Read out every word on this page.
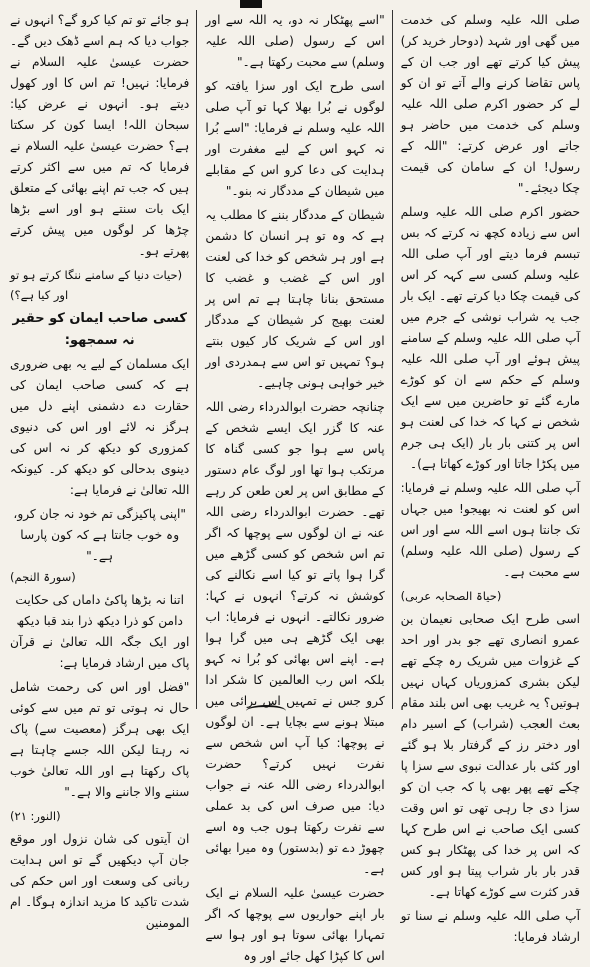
صلی اللہ علیہ وسلم کی خدمت میں گھی اور شہد (دوحار خرید کر) پیش کیا کرتے تھے اور جب ان کے پاس تقاضا کرنے والے آتے تو ان کو لے کر حضور اکرم صلی اللہ علیہ وسلم کی خدمت میں حاضر ہو جاتے اور عرض کرتے: "اللہ کے رسول! ان کے سامان کی قیمت چکا دیجئے۔"

حضور اکرم صلی اللہ علیہ وسلم اس سے زیادہ کچھ نہ کرتے کہ بس تبسم فرما دیتے اور آپ صلی اللہ علیہ وسلم کسی سے کہہ کر اس کی قیمت چکا دیا کرتے تھے۔ ایک بار جب یہ شراب نوشی کے جرم میں آپ صلی اللہ علیہ وسلم کے سامنے پیش ہوئے اور آپ صلی اللہ علیہ وسلم کے حکم سے ان کو کوڑے مارے گئے تو حاضرین میں سے ایک شخص نے کہا کہ خدا کی لعنت ہو اس پر کتنی بار بار (ایک ہی جرم میں پکڑا جاتا اور کوڑے کھاتا ہے)۔

آپ صلی اللہ علیہ وسلم نے فرمایا: اس کو لعنت نہ بھیجو! میں جہاں تک جانتا ہوں اسے اللہ سے اور اس کے رسول (صلی اللہ علیہ وسلم) سے محبت ہے۔

(حیاۃ الصحابہ عربی)

اسی طرح ایک صحابی نعیمان بن عمرو انصاری تھے جو بدر اور احد کے غزوات میں شریک رہ چکے تھے لیکن بشری کمزوریاں کہاں نہیں ہوتیں؟ یہ غریب بھی اس بلند مقام بعث العجب (شراب) کے اسیر دام اور دختر رز کے گرفتار بلا ہو گئے اور کئی بار عدالت نبوی سے سزا پا چکے تھے پھر بھی پا کہ جب ان کو سزا دی جا رہی تھی تو اس وقت کسی ایک صاحب نے اس طرح کہا کہ اس پر خدا کی پھٹکار ہو کس قدر بار بار شراب پیتا ہو اور کس قدر کثرت سے کوڑے کھاتا ہے۔

آپ صلی اللہ علیہ وسلم نے سنا تو ارشاد فرمایا:

"اسے پھٹکار نہ دو، یہ اللہ سے اور اس کے رسول (صلی اللہ علیہ وسلم) سے محبت رکھتا ہے۔"

اسی طرح ایک اور سزا یافتہ کو لوگوں نے بُرا بھلا کہا تو آپ صلی اللہ علیہ وسلم نے فرمایا: "اسے بُرا نہ کہو اس کے لیے مغفرت اور ہدایت کی دعا کرو اس کے مقابلے میں شیطان کے مددگار نہ بنو۔"

شیطان کے مددگار بننے کا مطلب یہ ہے کہ وہ تو ہر انسان کا دشمن ہے اور ہر شخص کو خدا کی لعنت اور اس کے غضب و غضب کا مستحق بنانا چاہتا ہے تم اس پر لعنت بھیج کر شیطان کے مددگار اور اس کے شریک کار کیوں بنتے ہو؟ تمہیں تو اس سے ہمدردی اور خیر خواہی ہونی چاہیے۔

چنانچہ حضرت ابوالدرداء رضی اللہ عنہ کا گزر ایک ایسے شخص کے پاس سے ہوا جو کسی گناہ کا مرتکب ہوا تھا اور لوگ عام دستور کے مطابق اس پر لعن طعن کر رہے تھے۔ حضرت ابوالدرداء رضی اللہ عنہ نے ان لوگوں سے پوچھا کہ اگر تم اس شخص کو کسی گڑھے میں گرا ہوا پاتے تو کیا اسے نکالنے کی کوشش نہ کرتے؟ انہوں نے کہا: ضرور نکالتے۔ انہوں نے فرمایا: اب بھی ایک گڑھے ہی میں گرا ہوا ہے۔ اپنے اس بھائی کو بُرا نہ کہو بلکہ اس رب العالمین کا شکر ادا کرو جس نے تمہیں اس برائی میں مبتلا ہونے سے بچایا ہے۔ ان لوگوں نے پوچھا: کیا آپ اس شخص سے نفرت نہیں کرتے؟ حضرت ابوالدرداء رضی اللہ عنہ نے جواب دیا: میں صرف اس کی بد عملی سے نفرت رکھتا ہوں جب وہ اسے چھوڑ دے تو (بدستور) وہ میرا بھائی ہے۔

حضرت عیسیٰ علیہ السلام نے ایک بار اپنے حواریوں سے پوچھا کہ اگر تمہارا بھائی سوتا ہو اور ہوا سے اس کا کپڑا کھل جائے اور وہ

ہو جائے تو تم کیا کرو گے؟ انہوں نے جواب دیا کہ ہم اسے ڈھک دیں گے۔ حضرت عیسیٰ علیہ السلام نے فرمایا: نہیں! تم اس کا اور کھول دیتے ہو۔ انہوں نے عرض کیا: سبحان اللہ! ایسا کون کر سکتا ہے؟ حضرت عیسیٰ علیہ السلام نے فرمایا کہ تم میں سے اکثر کرتے ہیں کہ جب تم اپنے بھائی کے متعلق ایک بات سنتے ہو اور اسے بڑھا چڑھا کر لوگوں میں پیش کرتے پھرتے ہو۔

(حیات دنیا کے سامنے ننگا کرتے ہو تو اور کیا ہے؟)

کسی صاحب ایمان کو حقیر نہ سمجھو:

ایک مسلمان کے لیے یہ بھی ضروری ہے کہ کسی صاحب ایمان کی حقارت دے دشمنی اپنے دل میں ہرگز نہ لائے اور اس کی دنیوی کمزوری کو دیکھ کر نہ اس کی دینوی بدحالی کو دیکھ کر۔ کیونکہ اللہ تعالیٰ نے فرمایا ہے:

"اپنی پاکیزگی تم خود نہ جان کرو،

وہ خوب جانتا ہے کہ کون پارسا ہے۔"

(سورۃ النجم)

اتنا نہ بڑھا پاکیٔ داماں کی حکایت

دامن کو ذرا دیکھ ذرا بند قبا دیکھ

اور ایک جگہ اللہ تعالیٰ نے قرآن پاک میں ارشاد فرمایا ہے:

"فضل اور اس کی رحمت شامل حال نہ ہوتی تو تم میں سے کوئی ایک بھی ہرگز (معصیت سے) پاک نہ رہتا لیکن اللہ جسے چاہتا ہے پاک رکھتا ہے اور اللہ تعالیٰ خوب سننے والا جاننے والا ہے۔"

(النور: ۲۱)

ان آیتوں کی شان نزول اور موقع جان آپ دیکھیں گے تو اس ہدایت ربانی کی وسعت اور اس حکم کی شدت تاکید کا مزید اندازہ ہوگا۔ ام المومنین
